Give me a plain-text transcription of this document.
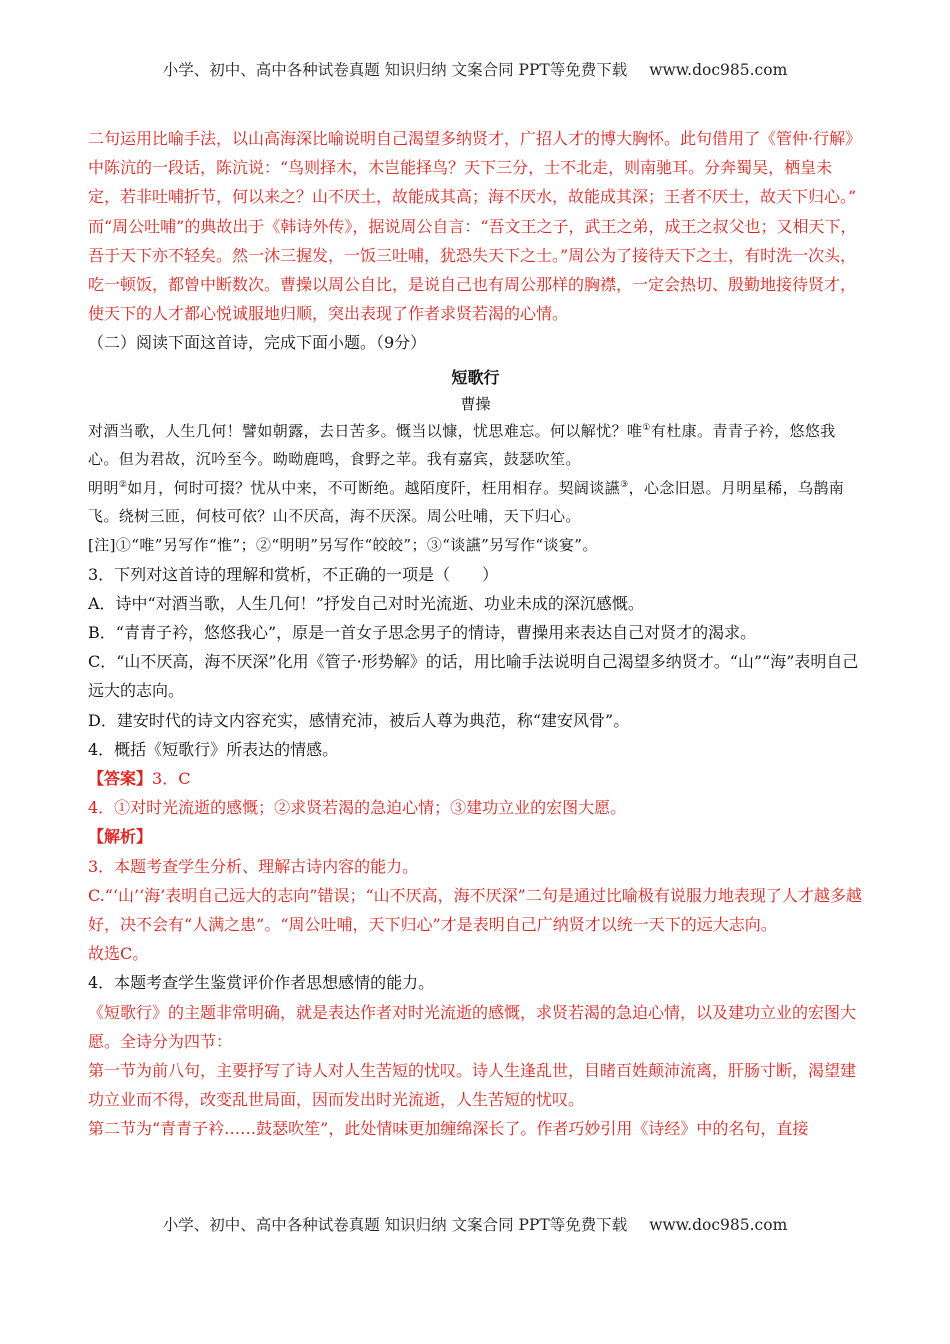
小学、初中、高中各种试卷真题 知识归纳 文案合同 PPT等免费下载 www.doc985.com

二句运用比喻手法，以山高海深比喻说明自己渴望多纳贤才，广招人才的博大胸怀。此句借用了《管仲·行解》中陈沆的一段话，陈沆说：“鸟则择木，木岂能择鸟？天下三分，士不北走，则南驰耳。分奔蜀吴，栖皇未定，若非吐哺折节，何以来之？山不厌土，故能成其高；海不厌水，故能成其深；王者不厌士，故天下归心。”

而“周公吐哺”的典故出于《韩诗外传》，据说周公自言：“吾文王之子，武王之弟，成王之叔父也；又相天下，吾于天下亦不轻矣。然一沐三握发，一饭三吐哺，犹恐失天下之士。”周公为了接待天下之士，有时洗一次头，吃一顿饭，都曾中断数次。曹操以周公自比，是说自己也有周公那样的胸襟，一定会热切、殷勤地接待贤才，使天下的人才都心悦诚服地归顺，突出表现了作者求贤若渴的心情。

（二）阅读下面这首诗，完成下面小题。（9分）

短歌行
曹操

对酒当歌，人生几何！譬如朝露，去日苦多。慨当以慷，忧思难忘。何以解忧？唯①有杜康。青青子衿，悠悠我心。但为君故，沉吟至今。呦呦鹿鸣，食野之苹。我有嘉宾，鼓瑟吹笙。

明明②如月，何时可掇？忧从中来，不可断绝。越陌度阡，枉用相存。契阔谈讌③，心念旧恩。月明星稀，乌鹊南飞。绕树三匝，何枝可依？山不厌高，海不厌深。周公吐哺，天下归心。

[注]①“唯”另写作“惟”；②“明明”另写作“皎皎”；③“谈讌”另写作“谈宴”。

3．下列对这首诗的理解和赏析，不正确的一项是（　　）

A．诗中“对酒当歌，人生几何！”抒发自己对时光流逝、功业未成的深沉感慨。

B．“青青子衿，悠悠我心”，原是一首女子思念男子的情诗，曹操用来表达自己对贤才的渴求。

C．“山不厌高，海不厌深”化用《管子·形势解》的话，用比喻手法说明自己渴望多纳贤才。“山”“海”表明自己远大的志向。

D．建安时代的诗文内容充实，感情充沛，被后人尊为典范，称“建安风骨”。

4．概括《短歌行》所表达的情感。

【答案】3．C

4．①对时光流逝的感慨；②求贤若渴的急迫心情；③建功立业的宏图大愿。

【解析】

3．本题考查学生分析、理解古诗内容的能力。

C.“‘山’‘海’表明自己远大的志向”错误；“山不厌高，海不厌深”二句是通过比喻极有说服力地表现了人才越多越好，决不会有“人满之患”。“周公吐哺，天下归心”才是表明自己广纳贤才以统一天下的远大志向。

故选C。

4．本题考查学生鉴赏评价作者思想感情的能力。

《短歌行》的主题非常明确，就是表达作者对时光流逝的感慨，求贤若渴的急迫心情，以及建功立业的宏图大愿。全诗分为四节：

第一节为前八句，主要抒写了诗人对人生苦短的忧叹。诗人生逢乱世，目睹百姓颠沛流离，肝肠寸断，渴望建功立业而不得，改变乱世局面，因而发出时光流逝，人生苦短的忧叹。

第二节为“青青子衿……鼓瑟吹笙”，此处情味更加缠绵深长了。作者巧妙引用《诗经》中的名句，直接

小学、初中、高中各种试卷真题 知识归纳 文案合同 PPT等免费下载 www.doc985.com
